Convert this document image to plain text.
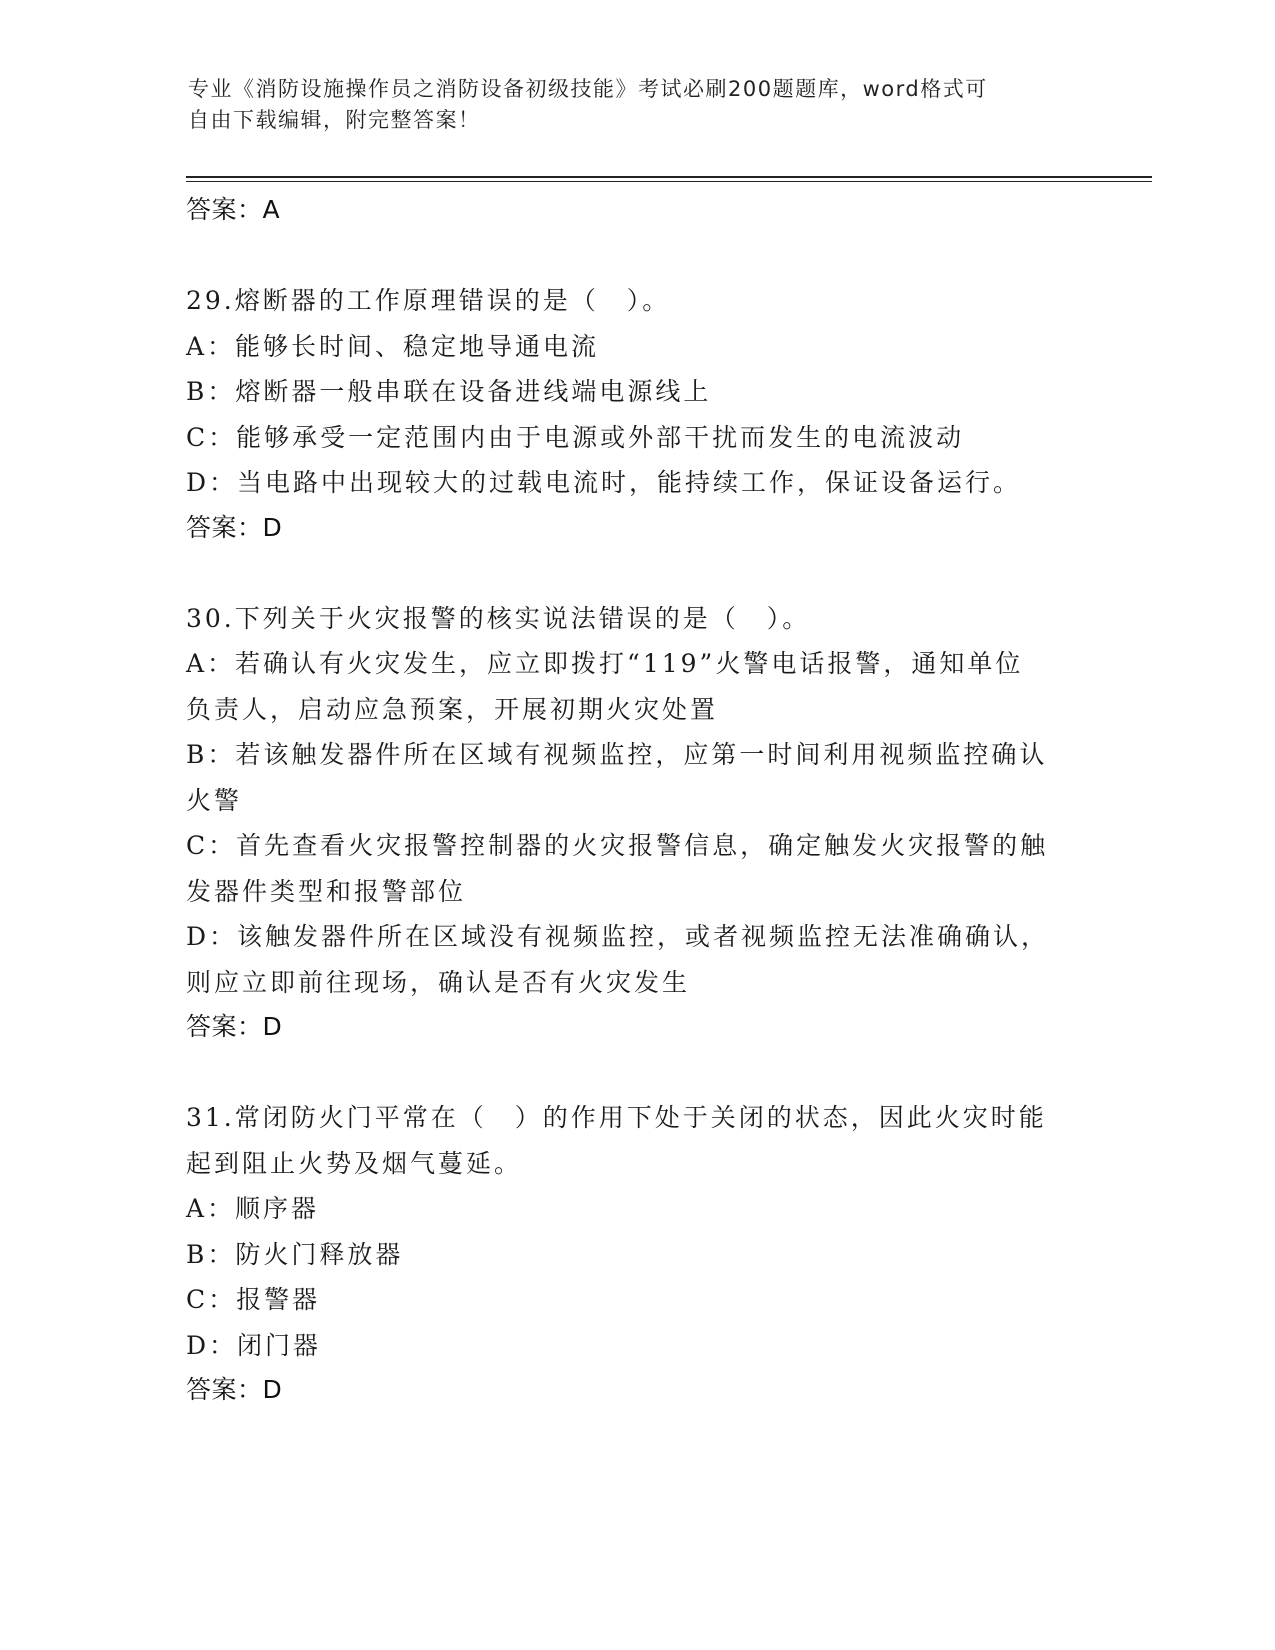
专业《消防设施操作员之消防设备初级技能》考试必刷200题题库，word格式可
自由下载编辑，附完整答案！
答案：A
29.熔断器的工作原理错误的是（　）。
A：能够长时间、稳定地导通电流
B：熔断器一般串联在设备进线端电源线上
C：能够承受一定范围内由于电源或外部干扰而发生的电流波动
D：当电路中出现较大的过载电流时，能持续工作，保证设备运行。
答案：D
30.下列关于火灾报警的核实说法错误的是（　）。
A：若确认有火灾发生，应立即拨打“119”火警电话报警，通知单位
负责人，启动应急预案，开展初期火灾处置
B：若该触发器件所在区域有视频监控，应第一时间利用视频监控确认
火警
C：首先查看火灾报警控制器的火灾报警信息，确定触发火灾报警的触
发器件类型和报警部位
D：该触发器件所在区域没有视频监控，或者视频监控无法准确确认，
则应立即前往现场，确认是否有火灾发生
答案：D
31.常闭防火门平常在（　）的作用下处于关闭的状态，因此火灾时能
起到阻止火势及烟气蔓延。
A：顺序器
B：防火门释放器
C：报警器
D：闭门器
答案：D
